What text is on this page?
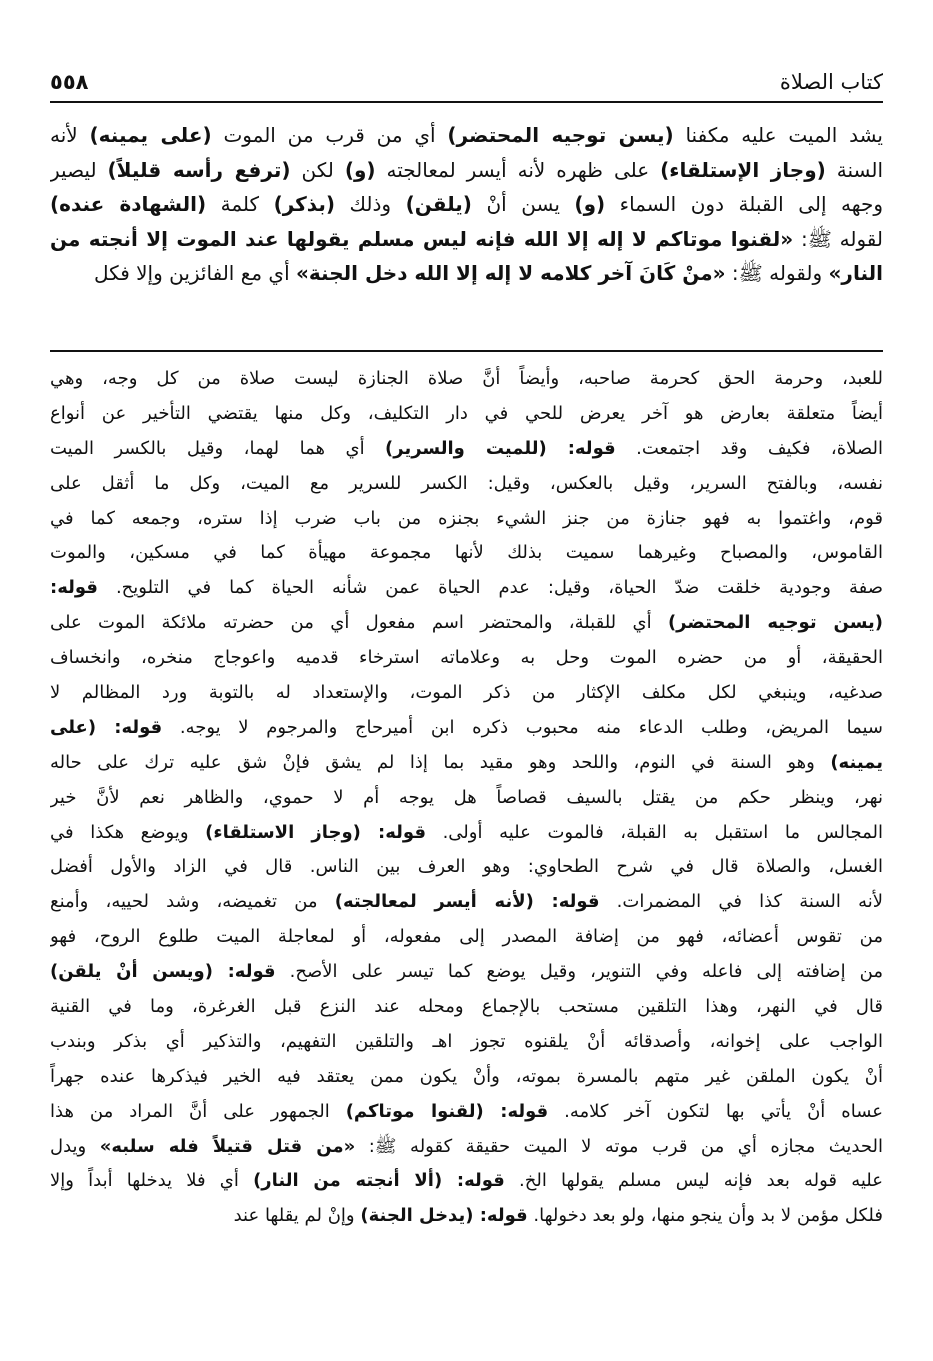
٥٥٨	كتاب الصلاة
يشد الميت عليه مكفنا (يسن توجيه المحتضر) أي من قرب من الموت (على يمينه) لأنه
السنة (وجاز الإستلقاء) على ظهره لأنه أيسر لمعالجته (و) لكن (ترفع رأسه قليلاً) ليصير
وجهه إلى القبلة دون السماء (و) يسن أنْ (يلقن) وذلك (بذكر) كلمة (الشهادة عنده)
لقوله ﷺ: «لقنوا موتاكم لا إله إلا الله فإنه ليس مسلم يقولها عند الموت إلا أنجته من
النار» ولقوله ﷺ: «منْ كَانَ آخر كلامه لا إله إلا الله دخل الجنة» أي مع الفائزين وإلا فكل
للعبد، وحرمة الحق كحرمة صاحبه، وأيضاً أنَّ صلاة الجنازة ليست صلاة من كل وجه، وهي
أيضاً متعلقة بعارض هو آخر يعرض للحي في دار التكليف، وكل منها يقتضي التأخير عن أنواع
الصلاة، فكيف وقد اجتمعت. قوله: (للميت والسرير) أي هما لهما، وقيل بالكسر الميت
نفسه، وبالفتح السرير، وقيل بالعكس، وقيل: الكسر للسرير مع الميت، وكل ما أثقل على
قوم، واغتموا به فهو جنازة من جنز الشيء بجنزه من باب ضرب إذا ستره، وجمعه كما في
القاموس، والمصباح وغيرهما سميت بذلك لأنها مجموعة مهيأة كما في مسكين، والموت
صفة وجودية خلقت ضدّ الحياة، وقيل: عدم الحياة عمن شأنه الحياة كما في التلويح. قوله:
(يسن توجيه المحتضر) أي للقبلة، والمحتضر اسم مفعول أي من حضرته ملائكة الموت على
الحقيقة، أو من حضره الموت وحل به وعلاماته استرخاء قدميه واعوجاج منخره، وانخساف
صدغيه، وينبغي لكل مكلف الإكثار من ذكر الموت، والإستعداد له بالتوبة ورد المظالم لا
سيما المريض، وطلب الدعاء منه محبوب ذكره ابن أميرحاج والمرجوم لا يوجه. قوله: (على
يمينه) وهو السنة في النوم، واللحد وهو مقيد بما إذا لم يشق فإنْ شق عليه ترك على حاله
نهر، وينظر حكم من يقتل بالسيف قصاصاً هل يوجه أم لا حموي، والظاهر نعم لأنَّ خير
المجالس ما استقبل به القبلة، فالموت عليه أولى. قوله: (وجاز الاستلقاء) ويوضع هكذا في
الغسل، والصلاة قال في شرح الطحاوي: وهو العرف بين الناس. قال في الزاد والأول أفضل
لأنه السنة كذا في المضمرات. قوله: (لأنه أيسر لمعالجته) من تغميضه، وشد لحييه، وأمنع
من تقوس أعضائه، فهو من إضافة المصدر إلى مفعوله، أو لمعاجلة الميت طلوع الروح، فهو
من إضافته إلى فاعله وفي التنوير، وقيل يوضع كما تيسر على الأصح. قوله: (ويسن أنْ يلقن)
قال في النهر، وهذا التلقين مستحب بالإجماع ومحله عند النزع قبل الغرغرة، وما في القنية
الواجب على إخوانه، وأصدقائه أنْ يلقنوه تجوز اهـ والتلقين التفهيم، والتذكير أي بذكر وبندب
أنْ يكون الملقن غير متهم بالمسرة بموته، وأنْ يكون ممن يعتقد فيه الخير فيذكرها عنده جهراً
عساه أنْ يأتي بها لتكون آخر كلامه. قوله: (لقنوا موتاكم) الجمهور على أنَّ المراد من هذا
الحديث مجازه أي من قرب موته لا الميت حقيقة كقوله ﷺ: «من قتل قتيلاً فله سلبه» ويدل
عليه قوله بعد فإنه ليس مسلم يقولها الخ. قوله: (ألا أنجته من النار) أي فلا يدخلها أبداً وإلا
فلكل مؤمن لا بد وأن ينجو منها، ولو بعد دخولها. قوله: (يدخل الجنة) وإنْ لم يقلها عند
